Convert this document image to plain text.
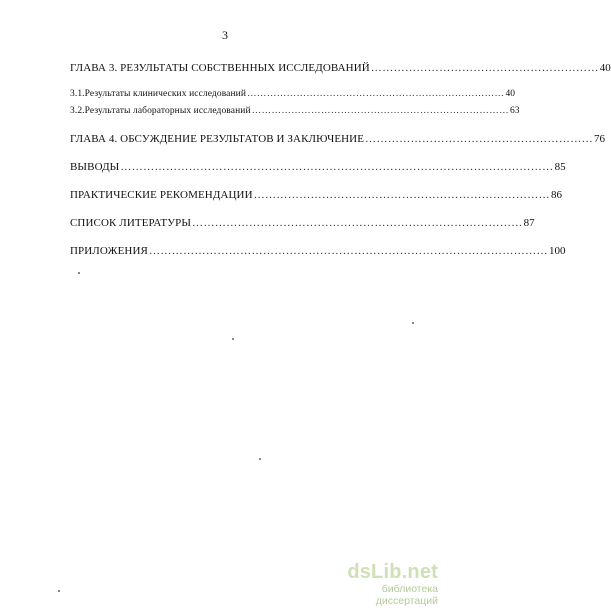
3
ГЛАВА 3. РЕЗУЛЬТАТЫ СОБСТВЕННЫХ ИССЛЕДОВАНИЙ …………………………………………………… 40
3.1.Результаты клинических исследований …………………………………………………………………… 40
3.2.Результаты лабораторных исследований …………………………………………………………………… 63
ГЛАВА 4. ОБСУЖДЕНИЕ РЕЗУЛЬТАТОВ И ЗАКЛЮЧЕНИЕ …………………………………………………… 76
ВЫВОДЫ …………………………………………………………………………………………………… 85
ПРАКТИЧЕСКИЕ РЕКОМЕНДАЦИИ …………………………………………………………………… 86
СПИСОК ЛИТЕРАТУРЫ …………………………………………………………………………… 87
ПРИЛОЖЕНИЯ …………………………………………………………………………………………… 100
dsLib.net
библиотека диссертаций
